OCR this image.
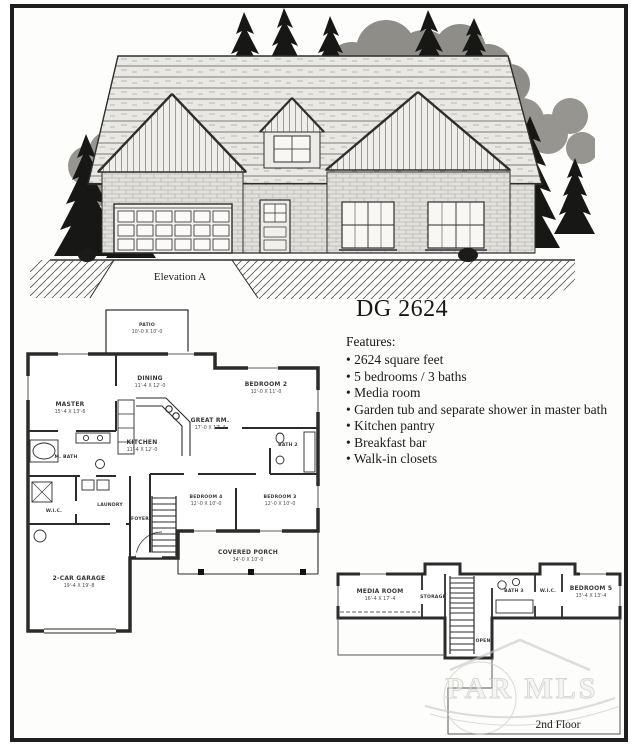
Elevation A
DG 2624
Features:
• 2624 square feet
• 5 bedrooms / 3 baths
• Media room
• Garden tub and separate shower in master bath
• Kitchen pantry
• Breakfast bar
• Walk-in closets
PATIO
10'-0 X 10'-0
DINING
11'-4 X 12'-0
MASTER
15'-4 X 13'-6
BEDROOM 2
12'-0 X 11'-0
KITCHEN
11'-4 X 12'-0
GREAT RM.
17'-0 X 17'-4
BATH 2
M. BATH
W.I.C.
LAUNDRY
FOYER
BEDROOM 4
12'-0 X 10'-0
BEDROOM 3
12'-0 X 10'-0
2-CAR GARAGE
19'-4 X 19'-8
COVERED PORCH
34'-0 X 10'-0
MEDIA ROOM
16'-4 X 17'-4	STORAGE
BATH 3	W.I.C. BEDROOM 5
13'-4 X 13'-4
OPEN
PAR MLS
2nd Floor
